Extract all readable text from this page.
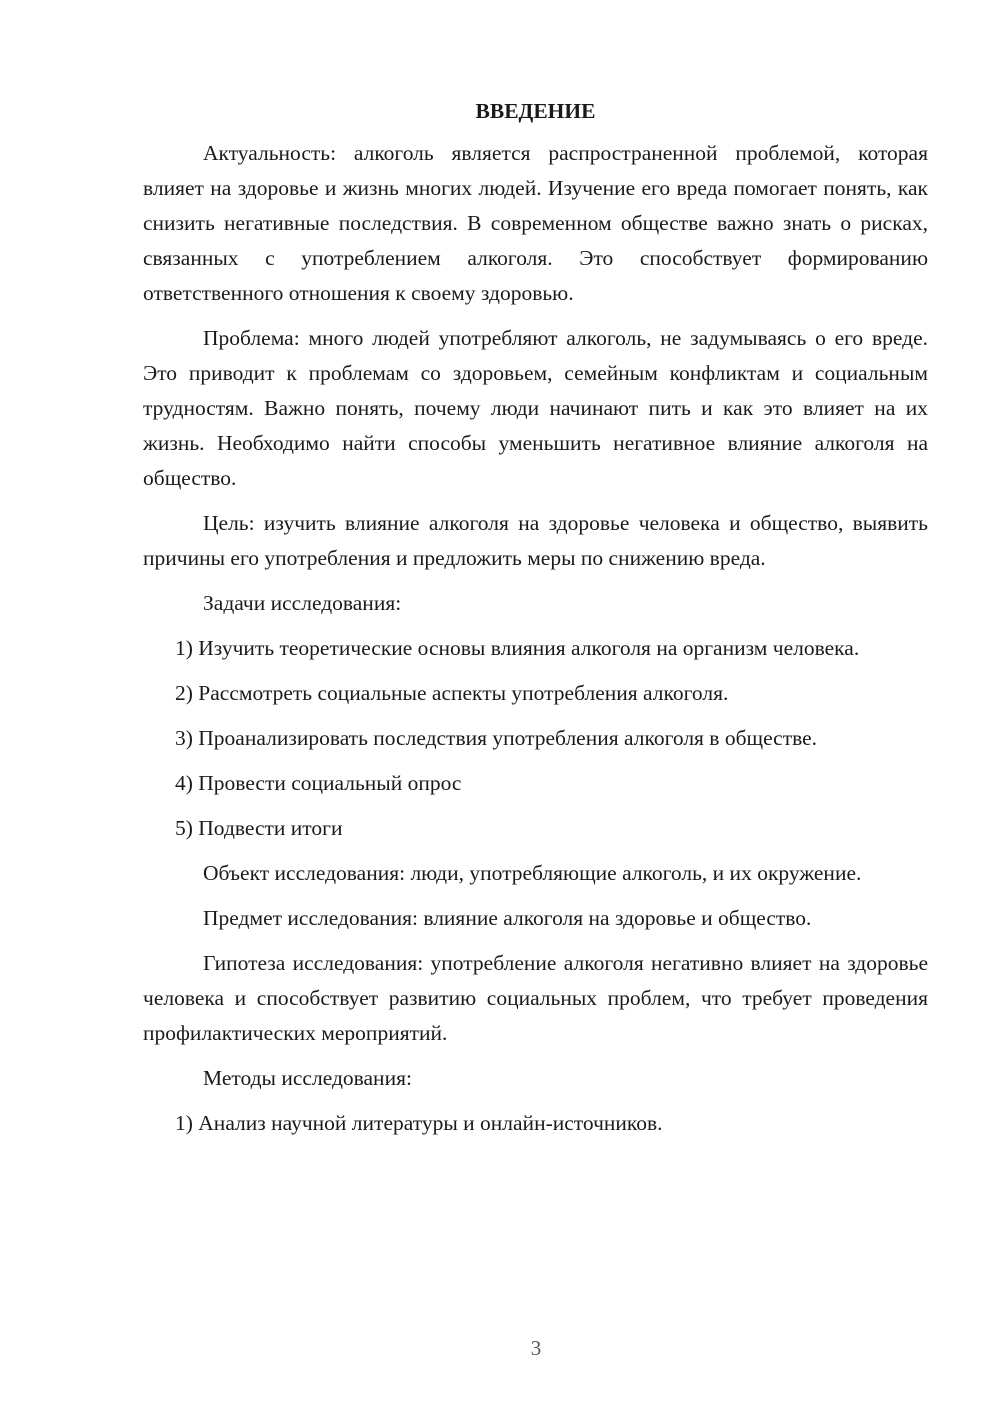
ВВЕДЕНИЕ

Актуальность: алкоголь является распространенной проблемой, которая влияет на здоровье и жизнь многих людей. Изучение его вреда помогает понять, как снизить негативные последствия. В современном обществе важно знать о рисках, связанных с употреблением алкоголя. Это способствует формированию ответственного отношения к своему здоровью.

Проблема: много людей употребляют алкоголь, не задумываясь о его вреде. Это приводит к проблемам со здоровьем, семейным конфликтам и социальным трудностям. Важно понять, почему люди начинают пить и как это влияет на их жизнь. Необходимо найти способы уменьшить негативное влияние алкоголя на общество.

Цель: изучить влияние алкоголя на здоровье человека и общество, выявить причины его употребления и предложить меры по снижению вреда.

Задачи исследования:

1) Изучить теоретические основы влияния алкоголя на организм человека.

2) Рассмотреть социальные аспекты употребления алкоголя.

3) Проанализировать последствия употребления алкоголя в обществе.

4) Провести социальный опрос

5) Подвести итоги

Объект исследования: люди, употребляющие алкоголь, и их окружение.

Предмет исследования: влияние алкоголя на здоровье и общество.

Гипотеза исследования: употребление алкоголя негативно влияет на здоровье человека и способствует развитию социальных проблем, что требует проведения профилактических мероприятий.

Методы исследования:

1) Анализ научной литературы и онлайн-источников.

3
